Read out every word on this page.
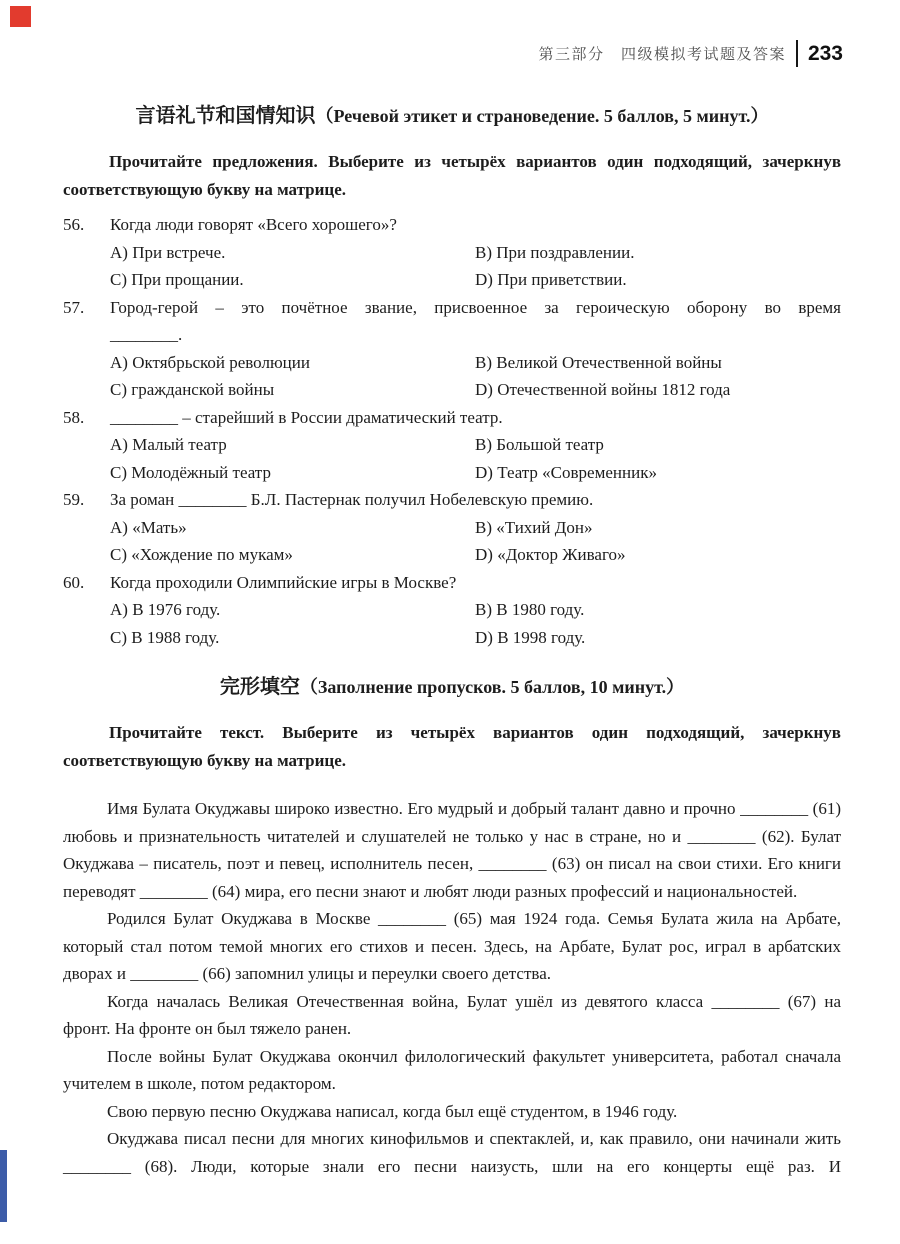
第三部分　四级模拟考试题及答案 233
言语礼节和国情知识（Речевой этикет и страноведение. 5 баллов, 5 минут.）

Прочитайте предложения. Выберите из четырёх вариантов один подходящий, зачеркнув соответствующую букву на матрице.

56.	Когда люди говорят «Всего хорошего»?
A) При встрече.	B) При поздравлении.
C) При прощании.	D) При приветствии.
57.	Город-герой – это почётное звание, присвоенное за героическую оборону во время
________.
A) Октябрьской революции	B) Великой Отечественной войны
C) гражданской войны	D) Отечественной войны 1812 года
58.	________ – старейший в России драматический театр.
A) Малый театр	B) Большой театр
C) Молодёжный театр	D) Театр «Современник»
59.	За роман ________ Б.Л. Пастернак получил Нобелевскую премию.
A) «Мать»	B) «Тихий Дон»
C) «Хождение по мукам»	D) «Доктор Живаго»
60.	Когда проходили Олимпийские игры в Москве?
A) В 1976 году.	B) В 1980 году.
C) В 1988 году.	D) В 1998 году.
完形填空（Заполнение пропусков. 5 баллов, 10 минут.）

Прочитайте текст. Выберите из четырёх вариантов один подходящий, зачеркнув соответствующую букву на матрице.

Имя Булата Окуджавы широко известно. Его мудрый и добрый талант давно и прочно ________ (61) любовь и признательность читателей и слушателей не только у нас в стране, но и ________ (62). Булат Окуджава – писатель, поэт и певец, исполнитель песен, ________ (63) он писал на свои стихи. Его книги переводят ________ (64) мира, его песни знают и любят люди разных профессий и национальностей.

Родился Булат Окуджава в Москве ________ (65) мая 1924 года. Семья Булата жила на Арбате, который стал потом темой многих его стихов и песен. Здесь, на Арбате, Булат рос, играл в арбатских дворах и ________ (66) запомнил улицы и переулки своего детства.

Когда началась Великая Отечественная война, Булат ушёл из девятого класса ________ (67) на фронт. На фронте он был тяжело ранен.

После войны Булат Окуджава окончил филологический факультет университета, работал сначала учителем в школе, потом редактором.

Свою первую песню Окуджава написал, когда был ещё студентом, в 1946 году.

Окуджава писал песни для многих кинофильмов и спектаклей, и, как правило, они начинали жить ________ (68). Люди, которые знали его песни наизусть, шли на его концерты ещё раз. И
